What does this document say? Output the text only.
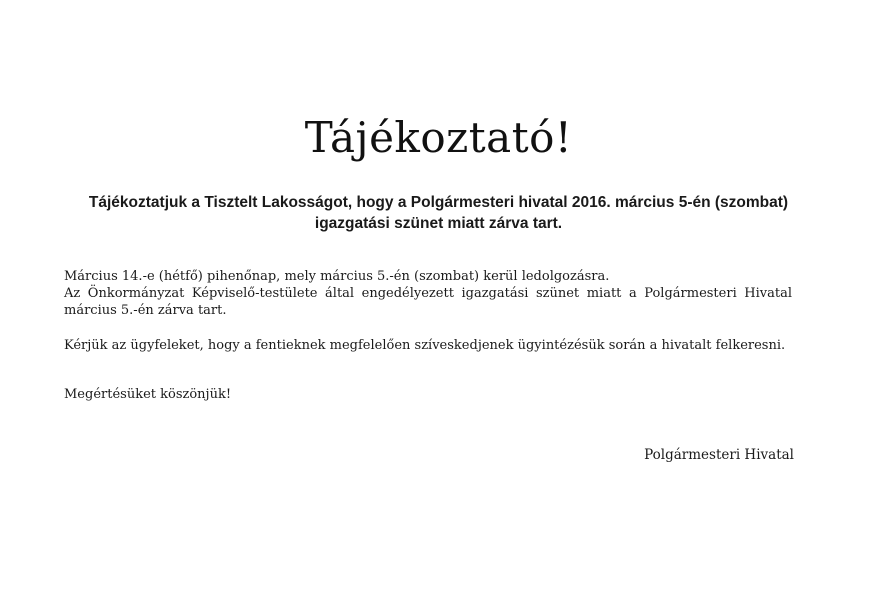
Tájékoztató!
Tájékoztatjuk a Tisztelt Lakosságot, hogy a Polgármesteri hivatal 2016. március 5-én (szombat) igazgatási szünet miatt zárva tart.
Március 14.-e (hétfő) pihenőnap, mely március 5.-én (szombat) kerül ledolgozásra.
Az Önkormányzat Képviselő-testülete által engedélyezett igazgatási szünet miatt a Polgármesteri Hivatal március 5.-én zárva tart.
Kérjük az ügyfeleket, hogy a fentieknek megfelelően szíveskedjenek ügyintézésük során a hivatalt felkeresni.
Megértésüket köszönjük!
Polgármesteri Hivatal
